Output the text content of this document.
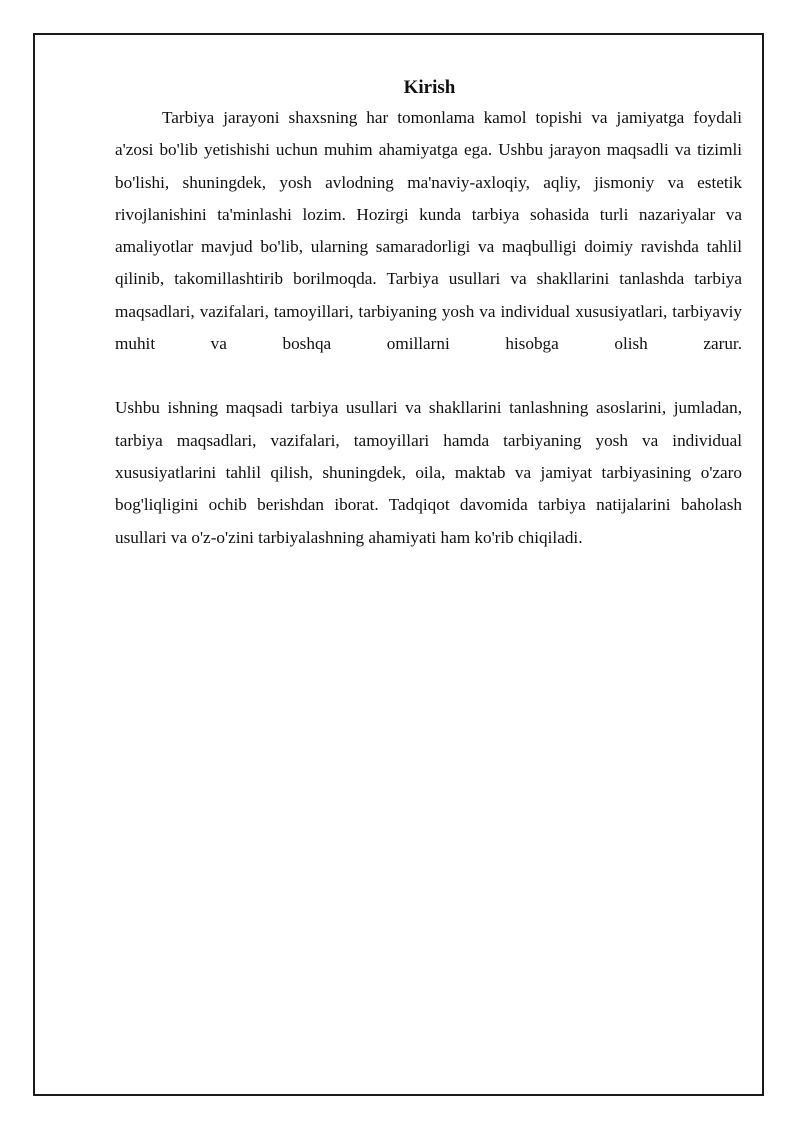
Kirish

Tarbiya jarayoni shaxsning har tomonlama kamol topishi va jamiyatga foydali a'zosi bo'lib yetishishi uchun muhim ahamiyatga ega. Ushbu jarayon maqsadli va tizimli bo'lishi, shuningdek, yosh avlodning ma'naviy-axloqiy, aqliy, jismoniy va estetik rivojlanishini ta'minlashi lozim. Hozirgi kunda tarbiya sohasida turli nazariyalar va amaliyotlar mavjud bo'lib, ularning samaradorligi va maqbulligi doimiy ravishda tahlil qilinib, takomillashtirib borilmoqda. Tarbiya usullari va shakllarini tanlashda tarbiya maqsadlari, vazifalari, tamoyillari, tarbiyaning yosh va individual xususiyatlari, tarbiyaviy muhit va boshqa omillarni hisobga olish zarur.

Ushbu ishning maqsadi tarbiya usullari va shakllarini tanlashning asoslarini, jumladan, tarbiya maqsadlari, vazifalari, tamoyillari hamda tarbiyaning yosh va individual xususiyatlarini tahlil qilish, shuningdek, oila, maktab va jamiyat tarbiyasining o'zaro bog'liqligini ochib berishdan iborat. Tadqiqot davomida tarbiya natijalarini baholash usullari va o'z-o'zini tarbiyalashning ahamiyati ham ko'rib chiqiladi.
